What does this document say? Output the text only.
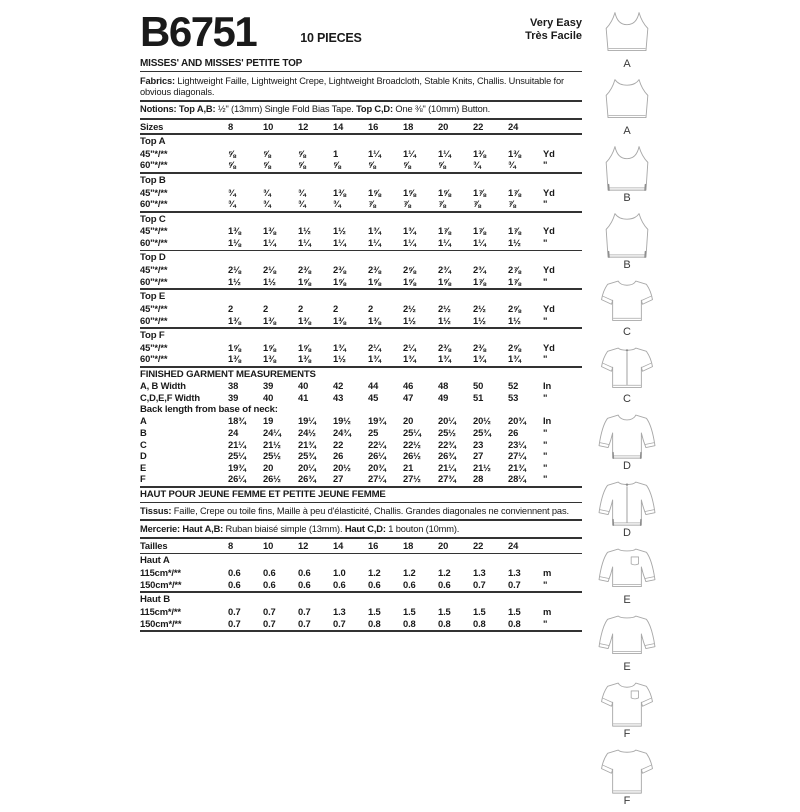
B6751	10 PIECES
Very Easy
Très Facile
MISSES' AND MISSES' PETITE TOP
Fabrics: Lightweight Faille, Lightweight Crepe, Lightweight Broadcloth, Stable Knits, Challis. Unsuitable for obvious diagonals.
Notions: Top A,B: ½" (13mm) Single Fold Bias Tape. Top C,D: One ⅜" (10mm) Button.
Sizes	8	10	12	14	16	18	20	22	24
Top A
45"*/**	⅝	⅝	⅝	1	1¼	1¼	1¼	1⅜	1⅜	Yd
60"*/**	⅝	⅝	⅝	⅝	⅝	⅝	⅝	¾	¾	"
Top B
45"*/**	¾	¾	¾	1⅜	1⅝	1⅝	1⅝	1⅞	1⅞	Yd
60"*/**	¾	¾	¾	¾	⅞	⅞	⅞	⅞	⅞	"
Top C
45"*/**	1⅜	1⅜	1½	1½	1¾	1¾	1⅞	1⅞	1⅞	Yd
60"*/**	1⅛	1¼	1¼	1¼	1¼	1¼	1¼	1¼	1½	"
Top D
45"*/**	2⅛	2⅛	2⅜	2⅜	2⅜	2⅝	2¾	2¾	2⅞	Yd
60"*/**	1½	1½	1⅝	1⅝	1⅝	1⅝	1⅝	1⅞	1⅞	"
Top E
45"*/**	2	2	2	2	2	2½	2½	2½	2⅝	Yd
60"*/**	1⅜	1⅜	1⅜	1⅜	1⅜	1½	1½	1½	1½	"
Top F
45"*/**	1⅝	1⅝	1⅝	1¾	2¼	2¼	2⅜	2⅜	2⅝	Yd
60"*/**	1⅜	1⅜	1⅜	1½	1¾	1¾	1¾	1¾	1¾	"
FINISHED GARMENT MEASUREMENTS
A, B Width	38	39	40	42	44	46	48	50	52	In
C,D,E,F Width	39	40	41	43	45	47	49	51	53	"
Back length from base of neck:
A	18¾	19	19¼	19½	19¾	20	20¼	20½	20¾	In
B	24	24¼	24½	24¾	25	25¼	25½	25¾	26	"
C	21¼	21½	21¾	22	22¼	22½	22¾	23	23¼	"
D	25¼	25½	25¾	26	26¼	26½	26¾	27	27¼	"
E	19¾	20	20¼	20½	20¾	21	21¼	21½	21¾	"
F	26¼	26½	26¾	27	27¼	27½	27¾	28	28¼	"
HAUT POUR JEUNE FEMME ET PETITE JEUNE FEMME
Tissus: Faille, Crepe ou toile fins, Maille à peu d'élasticité, Challis. Grandes diagonales ne conviennent pas.
Mercerie: Haut A,B: Ruban biaisé simple (13mm). Haut C,D: 1 bouton (10mm).
Tailles	8	10	12	14	16	18	20	22	24
Haut A
115cm*/**	0.6	0.6	0.6	1.0	1.2	1.2	1.2	1.3	1.3	m
150cm*/**	0.6	0.6	0.6	0.6	0.6	0.6	0.6	0.7	0.7	"
Haut B
115cm*/**	0.7	0.7	0.7	1.3	1.5	1.5	1.5	1.5	1.5	m
150cm*/**	0.7	0.7	0.7	0.7	0.8	0.8	0.8	0.8	0.8	"
A
A
B
B
C
C
D
D
E
E
F
F
